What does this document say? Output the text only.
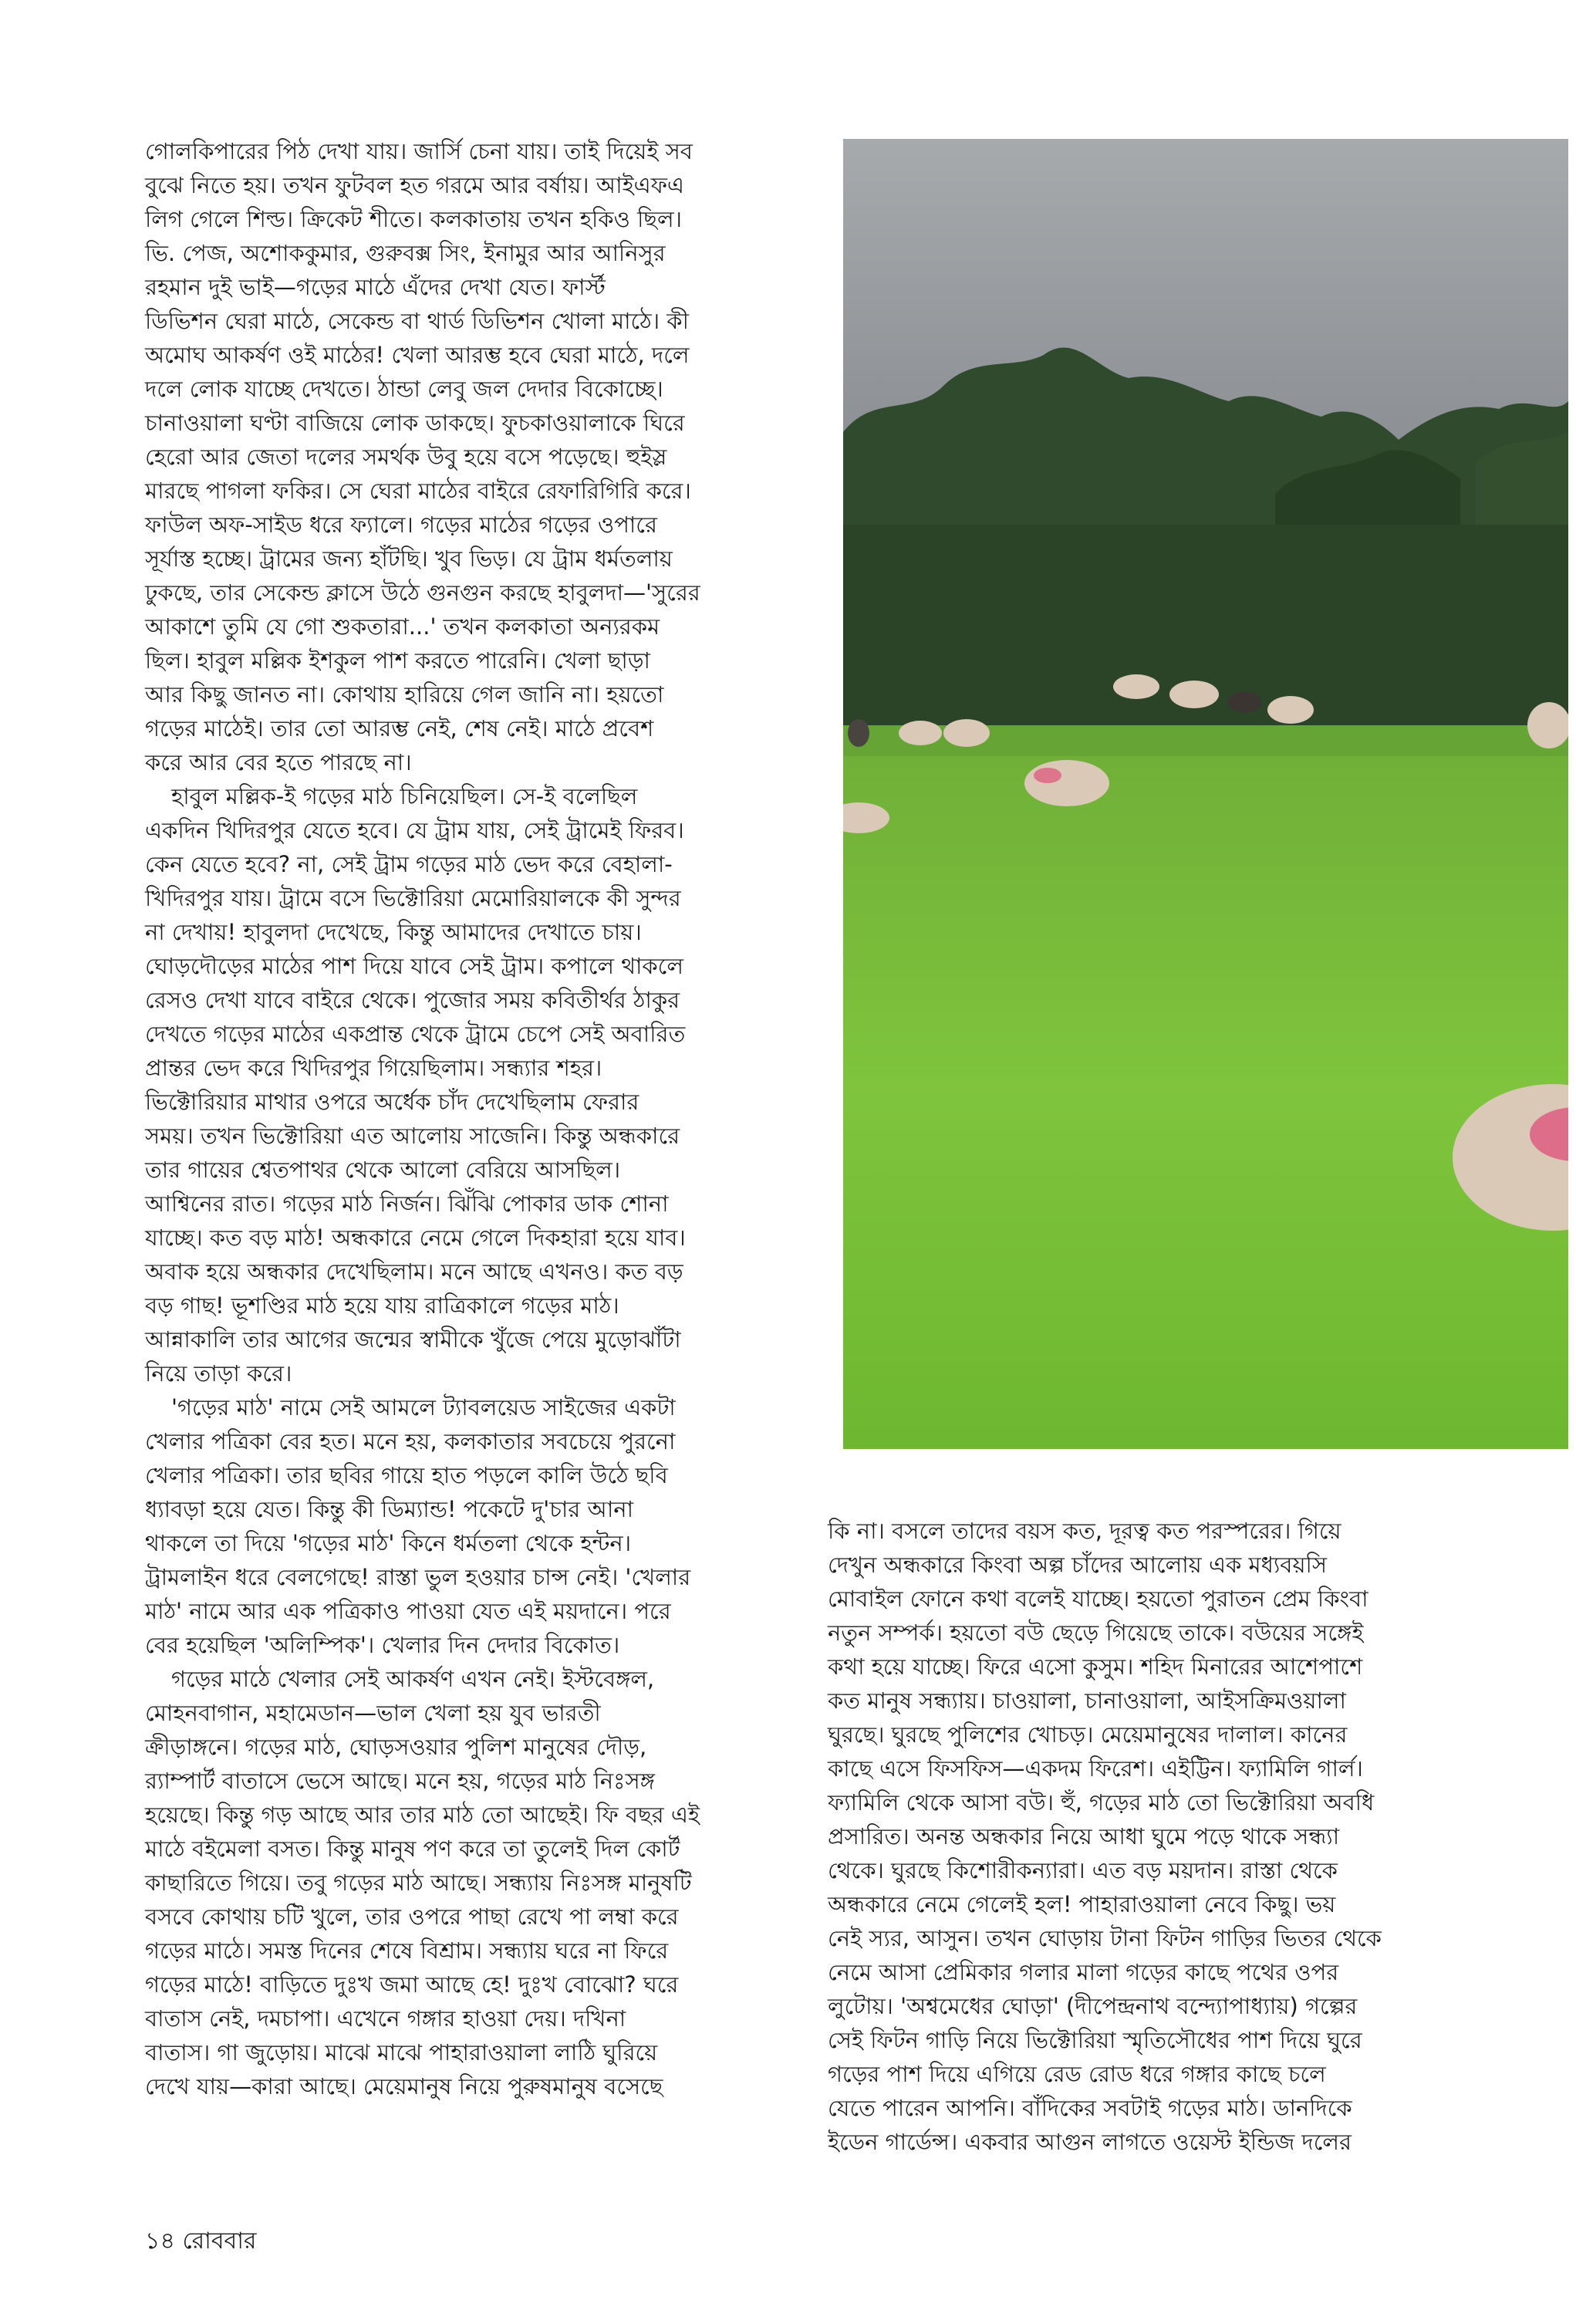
গোলকিপারের পিঠ দেখা যায়। জার্সি চেনা যায়। তাই দিয়েই সব

বুঝে নিতে হয়। তখন ফুটবল হত গরমে আর বর্ষায়। আইএফএ

লিগ গেলে শিল্ড। ক্রিকেট শীতে। কলকাতায় তখন হকিও ছিল।

ভি. পেজ, অশোককুমার, গুরুবক্স সিং, ইনামুর আর আনিসুর

রহমান দুই ভাই—গড়ের মাঠে এঁদের দেখা যেত। ফার্স্ট

ডিভিশন ঘেরা মাঠে, সেকেন্ড বা থার্ড ডিভিশন খোলা মাঠে। কী

অমোঘ আকর্ষণ ওই মাঠের! খেলা আরম্ভ হবে ঘেরা মাঠে, দলে

দলে লোক যাচ্ছে দেখতে। ঠান্ডা লেবু জল দেদার বিকোচ্ছে।

চানাওয়ালা ঘণ্টা বাজিয়ে লোক ডাকছে। ফুচকাওয়ালাকে ঘিরে

হেরো আর জেতা দলের সমর্থক উবু হয়ে বসে পড়েছে। হুইস্ল

মারছে পাগলা ফকির। সে ঘেরা মাঠের বাইরে রেফারিগিরি করে।

ফাউল অফ-সাইড ধরে ফ্যালে। গড়ের মাঠের গড়ের ওপারে

সূর্যাস্ত হচ্ছে। ট্রামের জন্য হাঁটছি। খুব ভিড়। যে ট্রাম ধর্মতলায়

ঢুকছে, তার সেকেন্ড ক্লাসে উঠে গুনগুন করছে হাবুলদা—'সুরের

আকাশে তুমি যে গো শুকতারা...' তখন কলকাতা অন্যরকম

ছিল। হাবুল মল্লিক ইশকুল পাশ করতে পারেনি। খেলা ছাড়া

আর কিছু জানত না। কোথায় হারিয়ে গেল জানি না। হয়তো

গড়ের মাঠেই। তার তো আরম্ভ নেই, শেষ নেই। মাঠে প্রবেশ

করে আর বের হতে পারছে না।

হাবুল মল্লিক-ই গড়ের মাঠ চিনিয়েছিল। সে-ই বলেছিল

একদিন খিদিরপুর যেতে হবে। যে ট্রাম যায়, সেই ট্রামেই ফিরব।

কেন যেতে হবে? না, সেই ট্রাম গড়ের মাঠ ভেদ করে বেহালা-

খিদিরপুর যায়। ট্রামে বসে ভিক্টোরিয়া মেমোরিয়ালকে কী সুন্দর

না দেখায়! হাবুলদা দেখেছে, কিন্তু আমাদের দেখাতে চায়।

ঘোড়দৌড়ের মাঠের পাশ দিয়ে যাবে সেই ট্রাম। কপালে থাকলে

রেসও দেখা যাবে বাইরে থেকে। পুজোর সময় কবিতীর্থর ঠাকুর

দেখতে গড়ের মাঠের একপ্রান্ত থেকে ট্রামে চেপে সেই অবারিত

প্রান্তর ভেদ করে খিদিরপুর গিয়েছিলাম। সন্ধ্যার শহর।

ভিক্টোরিয়ার মাথার ওপরে অর্ধেক চাঁদ দেখেছিলাম ফেরার

সময়। তখন ভিক্টোরিয়া এত আলোয় সাজেনি। কিন্তু অন্ধকারে

তার গায়ের শ্বেতপাথর থেকে আলো বেরিয়ে আসছিল।

আশ্বিনের রাত। গড়ের মাঠ নির্জন। ঝিঁঝি পোকার ডাক শোনা

যাচ্ছে। কত বড় মাঠ! অন্ধকারে নেমে গেলে দিকহারা হয়ে যাব।

অবাক হয়ে অন্ধকার দেখেছিলাম। মনে আছে এখনও। কত বড়

বড় গাছ! ভূশণ্ডির মাঠ হয়ে যায় রাত্রিকালে গড়ের মাঠ।

আন্নাকালি তার আগের জন্মের স্বামীকে খুঁজে পেয়ে মুড়োঝাঁটা

নিয়ে তাড়া করে।

'গড়ের মাঠ' নামে সেই আমলে ট্যাবলয়েড সাইজের একটা

খেলার পত্রিকা বের হত। মনে হয়, কলকাতার সবচেয়ে পুরনো

খেলার পত্রিকা। তার ছবির গায়ে হাত পড়লে কালি উঠে ছবি

ধ্যাবড়া হয়ে যেত। কিন্তু কী ডিম্যান্ড! পকেটে দু'চার আনা

থাকলে তা দিয়ে 'গড়ের মাঠ' কিনে ধর্মতলা থেকে হন্টন।

ট্রামলাইন ধরে বেলগেছে! রাস্তা ভুল হওয়ার চান্স নেই। 'খেলার

মাঠ' নামে আর এক পত্রিকাও পাওয়া যেত এই ময়দানে। পরে

বের হয়েছিল 'অলিম্পিক'। খেলার দিন দেদার বিকোত।

গড়ের মাঠে খেলার সেই আকর্ষণ এখন নেই। ইস্টবেঙ্গল,

মোহনবাগান, মহামেডান—ভাল খেলা হয় যুব ভারতী

ক্রীড়াঙ্গনে। গড়ের মাঠ, ঘোড়সওয়ার পুলিশ মানুষের দৌড়,

র‍্যাম্পার্ট বাতাসে ভেসে আছে। মনে হয়, গড়ের মাঠ নিঃসঙ্গ

হয়েছে। কিন্তু গড় আছে আর তার মাঠ তো আছেই। ফি বছর এই

মাঠে বইমেলা বসত। কিন্তু মানুষ পণ করে তা তুলেই দিল কোর্ট

কাছারিতে গিয়ে। তবু গড়ের মাঠ আছে। সন্ধ্যায় নিঃসঙ্গ মানুষটি

বসবে কোথায় চটি খুলে, তার ওপরে পাছা রেখে পা লম্বা করে

গড়ের মাঠে। সমস্ত দিনের শেষে বিশ্রাম। সন্ধ্যায় ঘরে না ফিরে

গড়ের মাঠে! বাড়িতে দুঃখ জমা আছে হে! দুঃখ বোঝো? ঘরে

বাতাস নেই, দমচাপা। এখেনে গঙ্গার হাওয়া দেয়। দখিনা

বাতাস। গা জুড়োয়। মাঝে মাঝে পাহারাওয়ালা লাঠি ঘুরিয়ে

দেখে যায়—কারা আছে। মেয়েমানুষ নিয়ে পুরুষমানুষ বসেছে

কি না। বসলে তাদের বয়স কত, দূরত্ব কত পরস্পরের। গিয়ে

দেখুন অন্ধকারে কিংবা অল্প চাঁদের আলোয় এক মধ্যবয়সি

মোবাইল ফোনে কথা বলেই যাচ্ছে। হয়তো পুরাতন প্রেম কিংবা

নতুন সম্পর্ক। হয়তো বউ ছেড়ে গিয়েছে তাকে। বউয়ের সঙ্গেই

কথা হয়ে যাচ্ছে। ফিরে এসো কুসুম। শহিদ মিনারের আশেপাশে

কত মানুষ সন্ধ্যায়। চাওয়ালা, চানাওয়ালা, আইসক্রিমওয়ালা

ঘুরছে। ঘুরছে পুলিশের খোচড়। মেয়েমানুষের দালাল। কানের

কাছে এসে ফিসফিস—একদম ফিরেশ। এইট্টিন। ফ্যামিলি গার্ল।

ফ্যামিলি থেকে আসা বউ। হুঁ, গড়ের মাঠ তো ভিক্টোরিয়া অবধি

প্রসারিত। অনন্ত অন্ধকার নিয়ে আধা ঘুমে পড়ে থাকে সন্ধ্যা

থেকে। ঘুরছে কিশোরীকন্যারা। এত বড় ময়দান। রাস্তা থেকে

অন্ধকারে নেমে গেলেই হল! পাহারাওয়ালা নেবে কিছু। ভয়

নেই স্যর, আসুন। তখন ঘোড়ায় টানা ফিটন গাড়ির ভিতর থেকে

নেমে আসা প্রেমিকার গলার মালা গড়ের কাছে পথের ওপর

লুটোয়। 'অশ্বমেধের ঘোড়া' (দীপেন্দ্রনাথ বন্দ্যোপাধ্যায়) গল্পের

সেই ফিটন গাড়ি নিয়ে ভিক্টোরিয়া স্মৃতিসৌধের পাশ দিয়ে ঘুরে

গড়ের পাশ দিয়ে এগিয়ে রেড রোড ধরে গঙ্গার কাছে চলে

যেতে পারেন আপনি। বাঁদিকের সবটাই গড়ের মাঠ। ডানদিকে

ইডেন গার্ডেন্স। একবার আগুন লাগতে ওয়েস্ট ইন্ডিজ দলের

১৪ রোববার
